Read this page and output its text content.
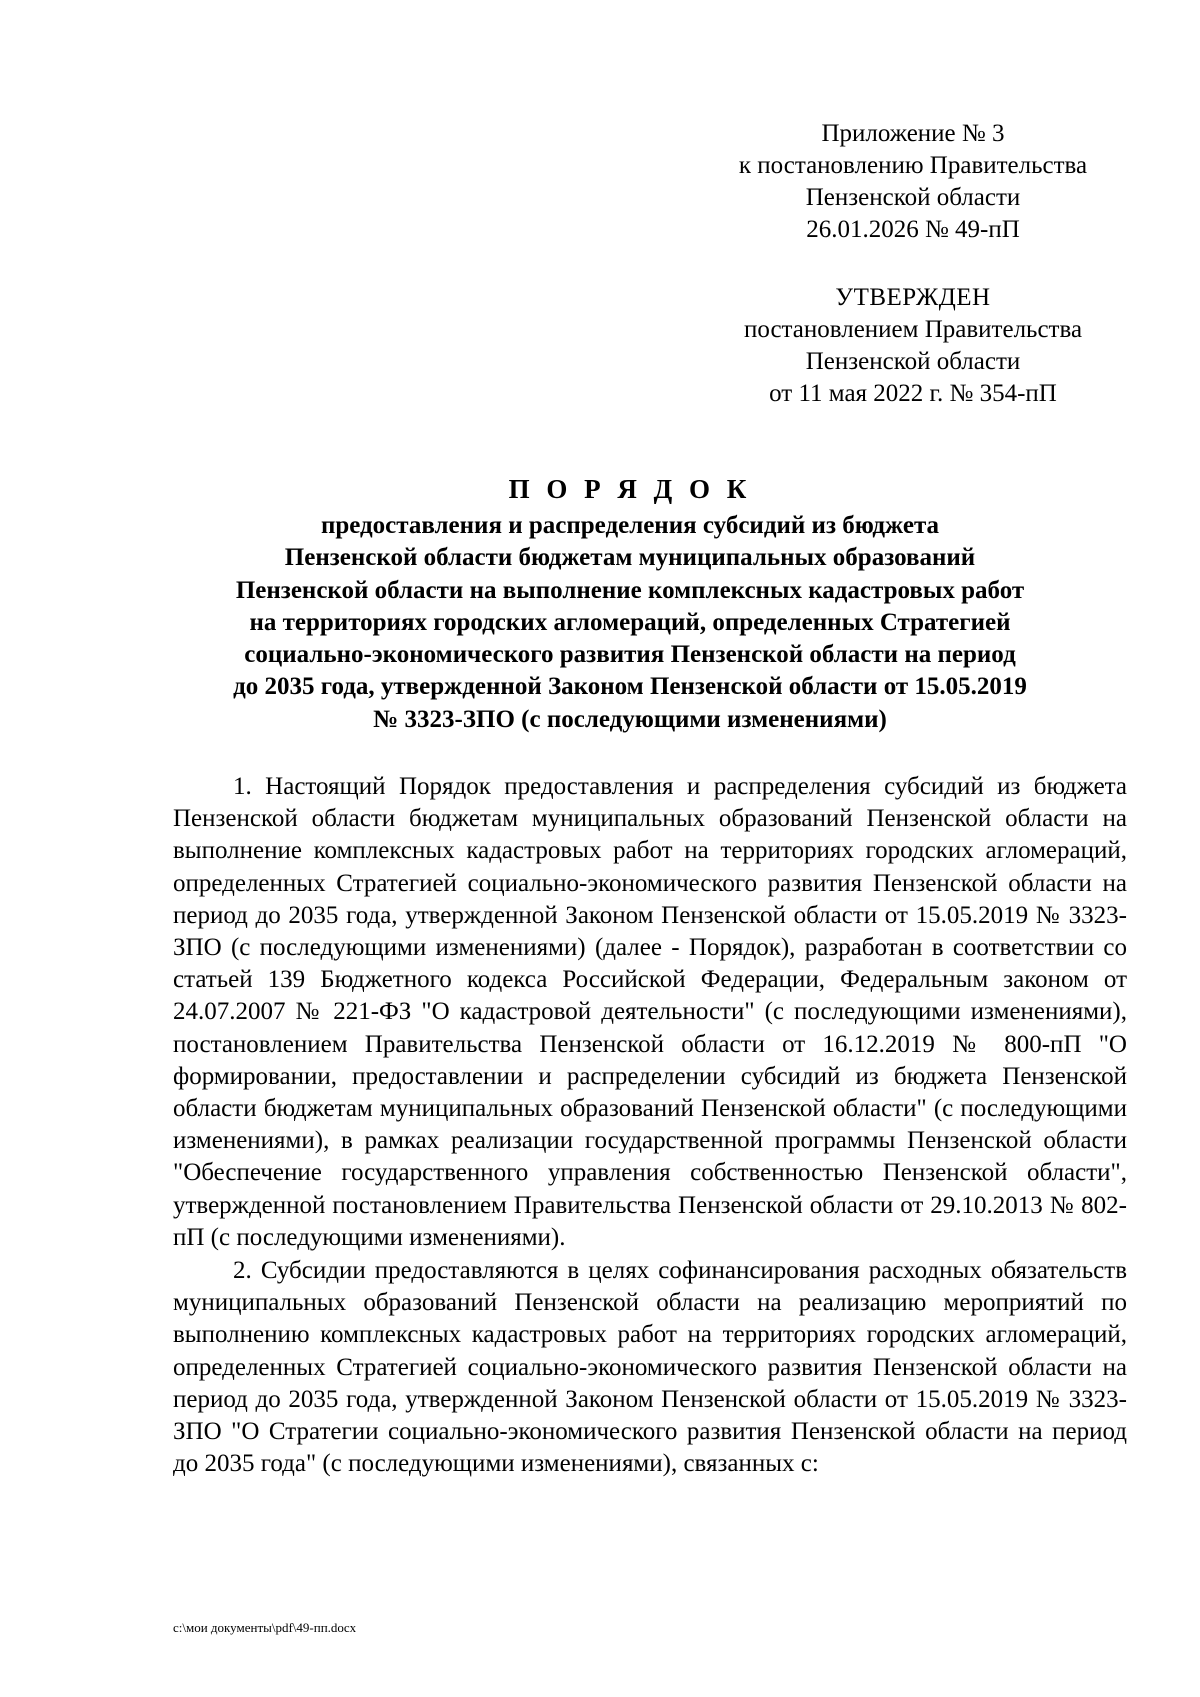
Приложение № 3
к постановлению Правительства
Пензенской области
26.01.2026 № 49-пП
УТВЕРЖДЕН
постановлением Правительства
Пензенской области
от 11 мая 2022 г. № 354-пП
П О Р Я Д О К
предоставления и распределения субсидий из бюджета
Пензенской области бюджетам муниципальных образований
Пензенской области на выполнение комплексных кадастровых работ
на территориях городских агломераций, определенных Стратегией
социально-экономического развития Пензенской области на период
до 2035 года, утвержденной Законом Пензенской области от 15.05.2019
№ 3323-ЗПО (с последующими изменениями)

1. Настоящий Порядок предоставления и распределения субсидий из бюджета Пензенской области бюджетам муниципальных образований Пензенской области на выполнение комплексных кадастровых работ на территориях городских агломераций, определенных Стратегией социально-экономического развития Пензенской области на период до 2035 года, утвержденной Законом Пензенской области от 15.05.2019 № 3323-ЗПО (с последующими изменениями) (далее - Порядок), разработан в соответствии со статьей 139 Бюджетного кодекса Российской Федерации, Федеральным законом от 24.07.2007 № 221-ФЗ "О кадастровой деятельности" (с последующими изменениями), постановлением Правительства Пензенской области от 16.12.2019 № 800-пП "О формировании, предоставлении и распределении субсидий из бюджета Пензенской области бюджетам муниципальных образований Пензенской области" (с последующими изменениями), в рамках реализации государственной программы Пензенской области "Обеспечение государственного управления собственностью Пензенской области", утвержденной постановлением Правительства Пензенской области от 29.10.2013 № 802-пП (с последующими изменениями).

2. Субсидии предоставляются в целях софинансирования расходных обязательств муниципальных образований Пензенской области на реализацию мероприятий по выполнению комплексных кадастровых работ на территориях городских агломераций, определенных Стратегией социально-экономического развития Пензенской области на период до 2035 года, утвержденной Законом Пензенской области от 15.05.2019 № 3323-ЗПО "О Стратегии социально-экономического развития Пензенской области на период до 2035 года" (с последующими изменениями), связанных с:

c:\мои документы\pdf\49-пп.docx
